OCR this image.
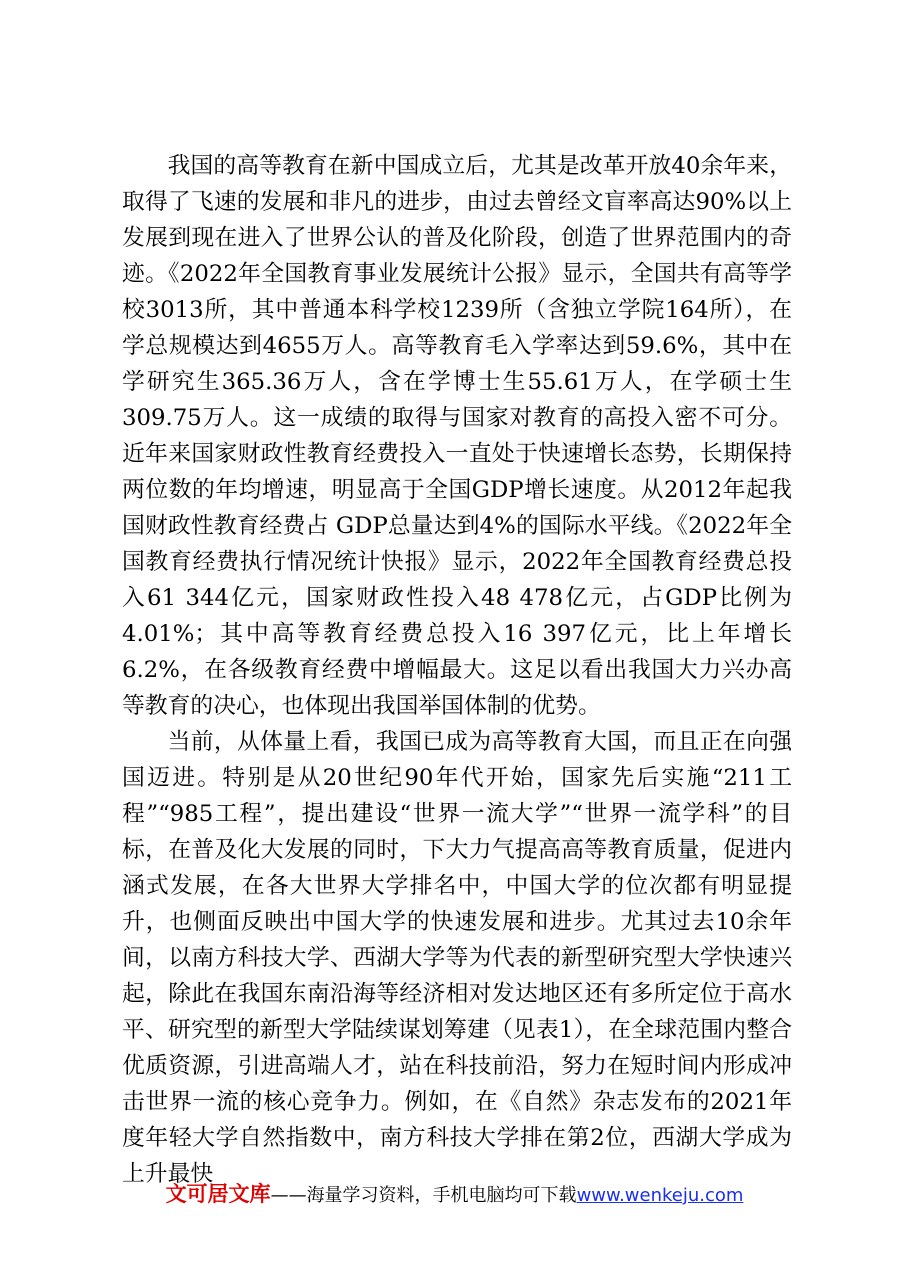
我国的高等教育在新中国成立后，尤其是改革开放40余年来，取得了飞速的发展和非凡的进步，由过去曾经文盲率高达90%以上发展到现在进入了世界公认的普及化阶段，创造了世界范围内的奇迹。《2022年全国教育事业发展统计公报》显示，全国共有高等学校3013所，其中普通本科学校1239所（含独立学院164所），在学总规模达到4655万人。高等教育毛入学率达到59.6%，其中在学研究生365.36万人，含在学博士生55.61万人，在学硕士生309.75万人。这一成绩的取得与国家对教育的高投入密不可分。近年来国家财政性教育经费投入一直处于快速增长态势，长期保持两位数的年均增速，明显高于全国GDP增长速度。从2012年起我国财政性教育经费占 GDP总量达到4%的国际水平线。《2022年全国教育经费执行情况统计快报》显示，2022年全国教育经费总投入61 344亿元，国家财政性投入48 478亿元，占GDP比例为4.01%；其中高等教育经费总投入16 397亿元，比上年增长6.2%，在各级教育经费中增幅最大。这足以看出我国大力兴办高等教育的决心，也体现出我国举国体制的优势。

当前，从体量上看，我国已成为高等教育大国，而且正在向强国迈进。特别是从20世纪90年代开始，国家先后实施“211工程”“985工程”，提出建设“世界一流大学”“世界一流学科”的目标，在普及化大发展的同时，下大力气提高高等教育质量，促进内涵式发展，在各大世界大学排名中，中国大学的位次都有明显提升，也侧面反映出中国大学的快速发展和进步。尤其过去10余年间，以南方科技大学、西湖大学等为代表的新型研究型大学快速兴起，除此在我国东南沿海等经济相对发达地区还有多所定位于高水平、研究型的新型大学陆续谋划筹建（见表1），在全球范围内整合优质资源，引进高端人才，站在科技前沿，努力在短时间内形成冲击世界一流的核心竞争力。例如，在《自然》杂志发布的2021年度年轻大学自然指数中，南方科技大学排在第2位，西湖大学成为上升最快

文可居文库——海量学习资料，手机电脑均可下载www.wenkeju.com
